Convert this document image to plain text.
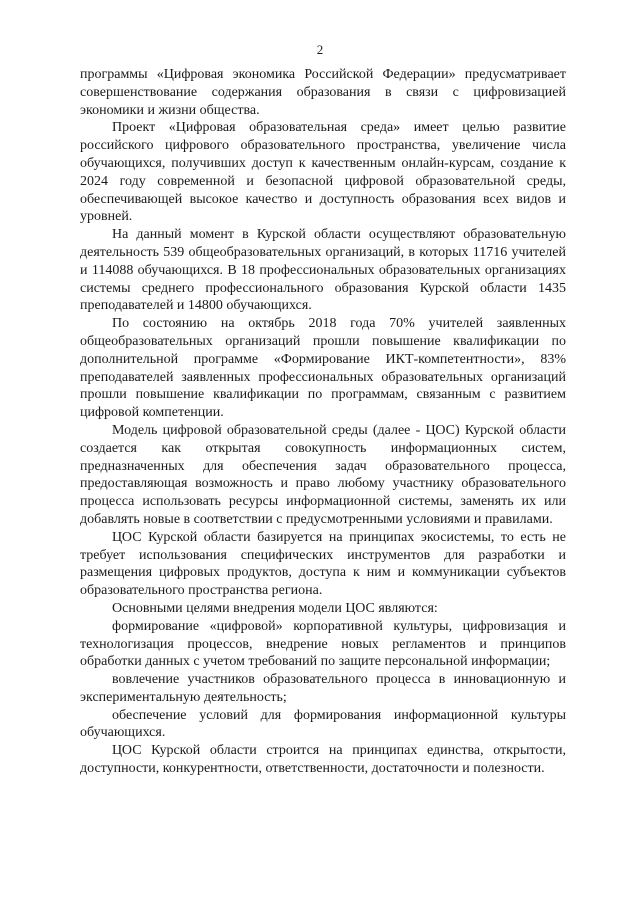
2

программы «Цифровая экономика Российской Федерации» предусматривает совершенствование содержания образования в связи с цифровизацией экономики и жизни общества.

Проект «Цифровая образовательная среда» имеет целью развитие российского цифрового образовательного пространства, увеличение числа обучающихся, получивших доступ к качественным онлайн-курсам, создание к 2024 году современной и безопасной цифровой образовательной среды, обеспечивающей высокое качество и доступность образования всех видов и уровней.

На данный момент в Курской области осуществляют образовательную деятельность 539 общеобразовательных организаций, в которых 11716 учителей и 114088 обучающихся. В 18 профессиональных образовательных организациях системы среднего профессионального образования Курской области 1435 преподавателей и 14800 обучающихся.

По состоянию на октябрь 2018 года 70% учителей заявленных общеобразовательных организаций прошли повышение квалификации по дополнительной программе «Формирование ИКТ-компетентности», 83% преподавателей заявленных профессиональных образовательных организаций прошли повышение квалификации по программам, связанным с развитием цифровой компетенции.

Модель цифровой образовательной среды (далее - ЦОС) Курской области создается как открытая совокупность информационных систем, предназначенных для обеспечения задач образовательного процесса, предоставляющая возможность и право любому участнику образовательного процесса использовать ресурсы информационной системы, заменять их или добавлять новые в соответствии с предусмотренными условиями и правилами.

ЦОС Курской области базируется на принципах экосистемы, то есть не требует использования специфических инструментов для разработки и размещения цифровых продуктов, доступа к ним и коммуникации субъектов образовательного пространства региона.

Основными целями внедрения модели ЦОС являются:

формирование «цифровой» корпоративной культуры, цифровизация и технологизация процессов, внедрение новых регламентов и принципов обработки данных с учетом требований по защите персональной информации;

вовлечение участников образовательного процесса в инновационную и экспериментальную деятельность;

обеспечение условий для формирования информационной культуры обучающихся.

ЦОС Курской области строится на принципах единства, открытости, доступности, конкурентности, ответственности, достаточности и полезности.
